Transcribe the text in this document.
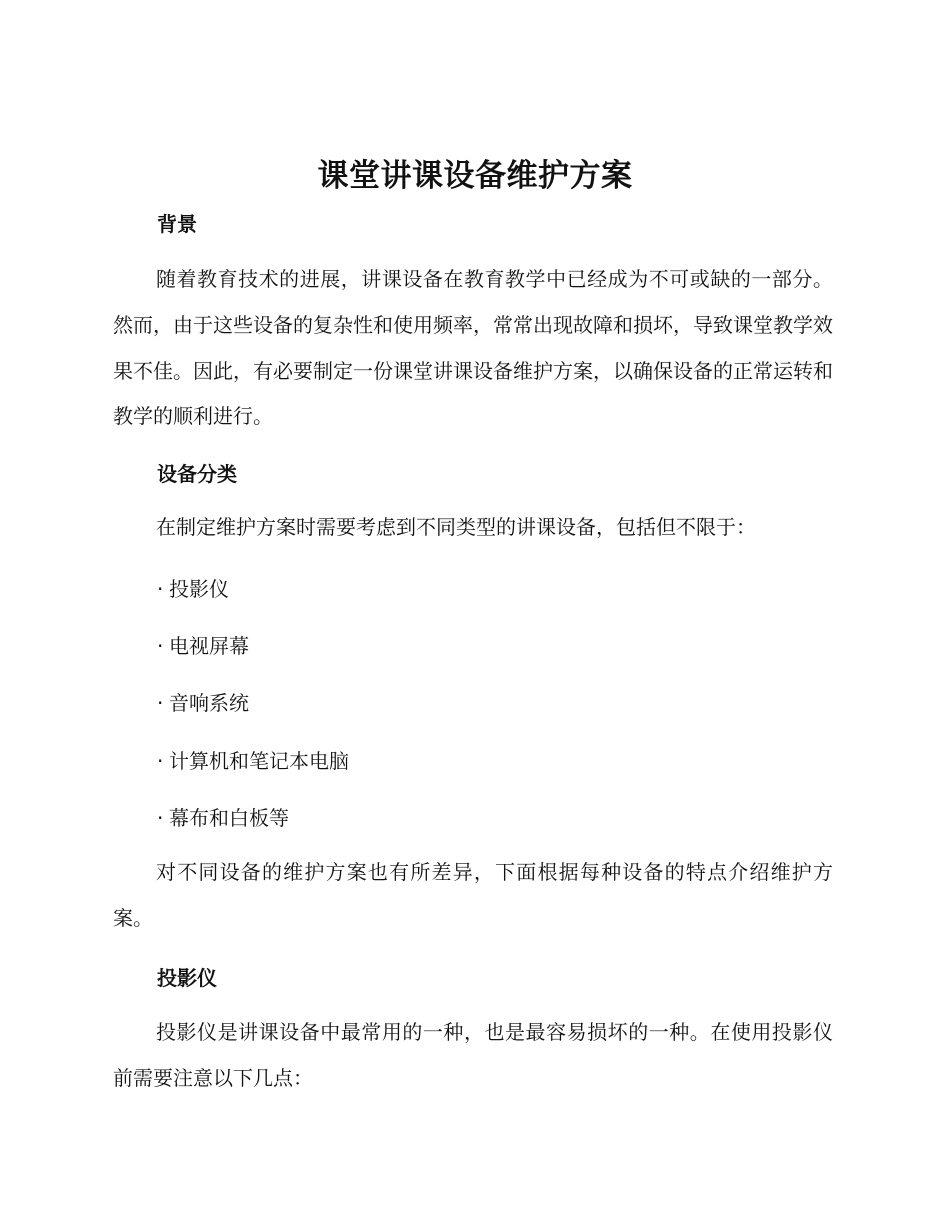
课堂讲课设备维护方案
背景

随着教育技术的进展，讲课设备在教育教学中已经成为不可或缺的一部分。然而，由于这些设备的复杂性和使用频率，常常出现故障和损坏，导致课堂教学效果不佳。因此，有必要制定一份课堂讲课设备维护方案，以确保设备的正常运转和教学的顺利进行。

设备分类

在制定维护方案时需要考虑到不同类型的讲课设备，包括但不限于：

· 投影仪
· 电视屏幕
· 音响系统
· 计算机和笔记本电脑
· 幕布和白板等

对不同设备的维护方案也有所差异，下面根据每种设备的特点介绍维护方案。

投影仪

投影仪是讲课设备中最常用的一种，也是最容易损坏的一种。在使用投影仪前需要注意以下几点：
